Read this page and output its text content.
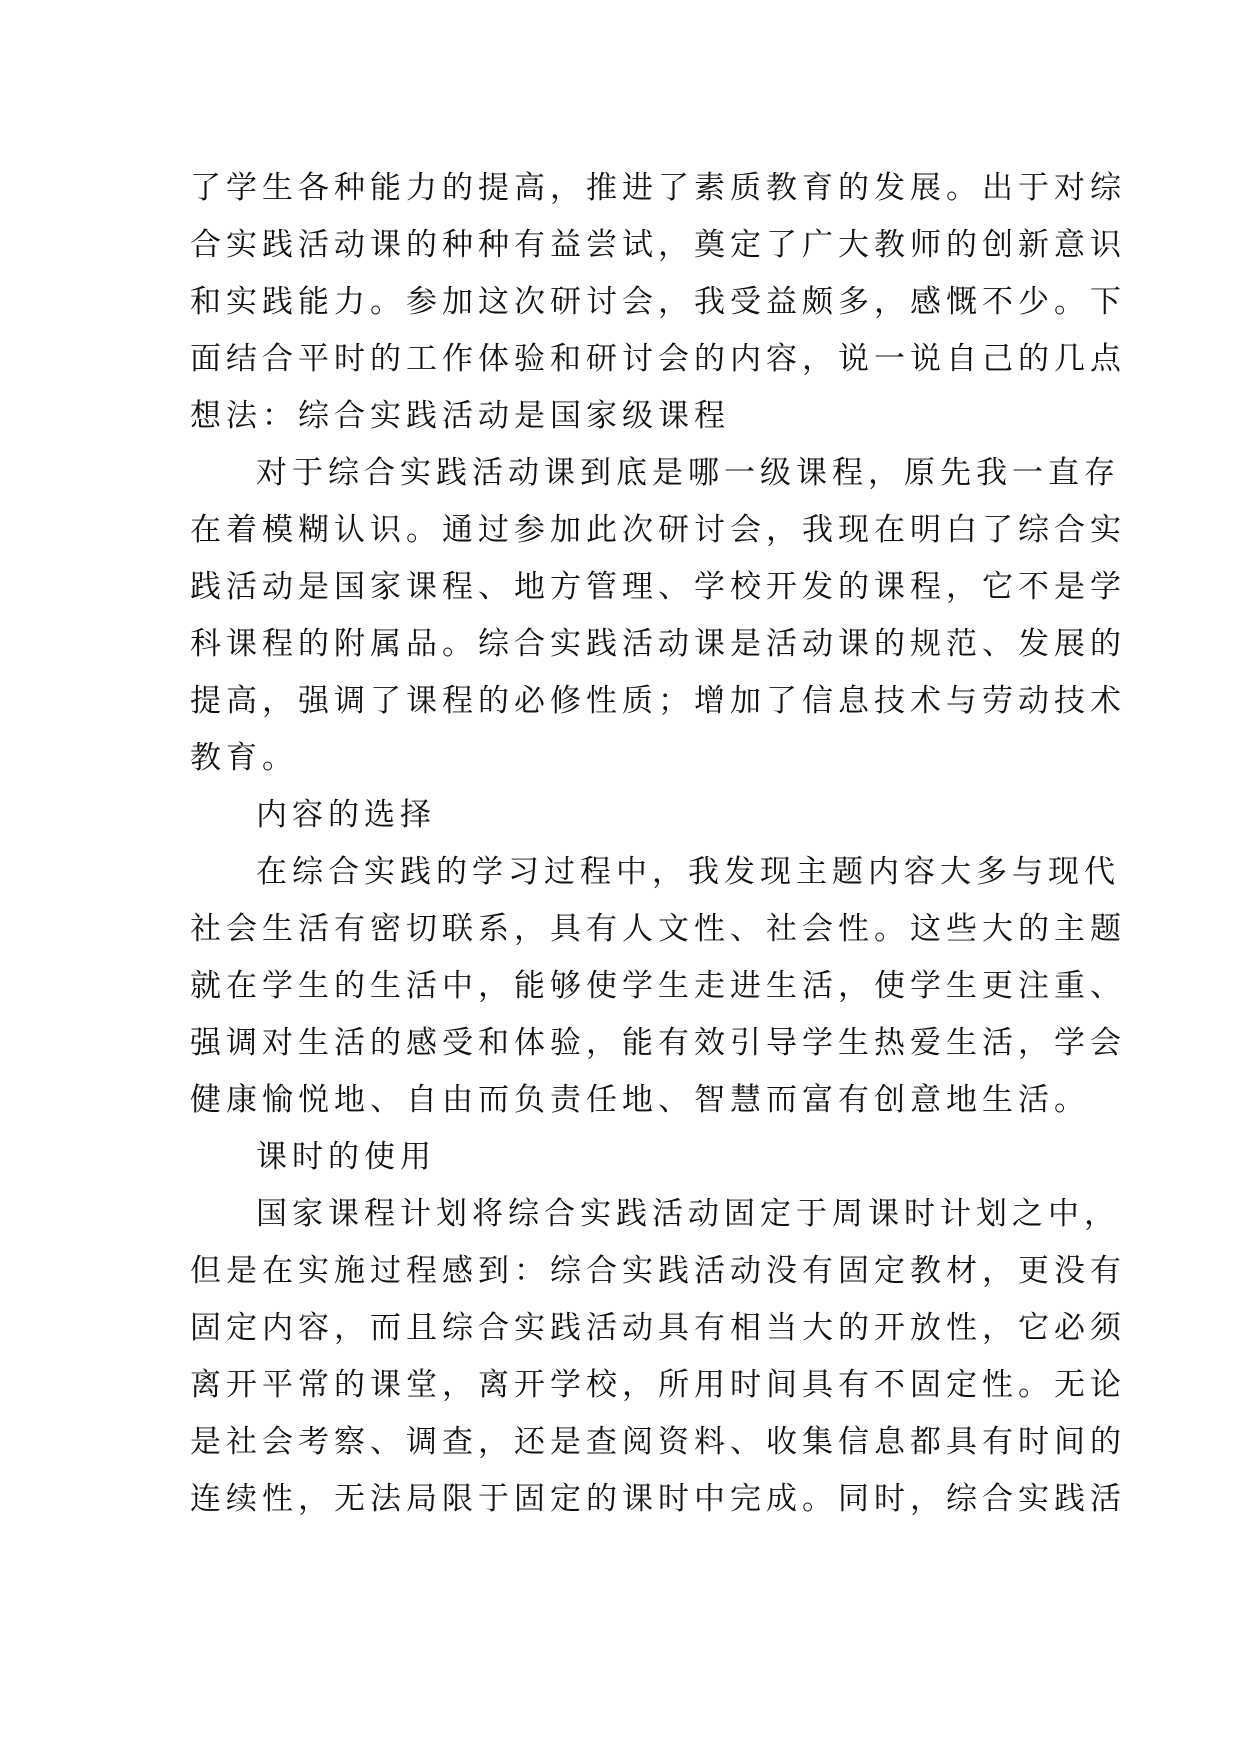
了学生各种能力的提高，推进了素质教育的发展。出于对综
合实践活动课的种种有益尝试，奠定了广大教师的创新意识
和实践能力。参加这次研讨会，我受益颇多，感慨不少。下
面结合平时的工作体验和研讨会的内容，说一说自己的几点
想法：综合实践活动是国家级课程
对于综合实践活动课到底是哪一级课程，原先我一直存
在着模糊认识。通过参加此次研讨会，我现在明白了综合实
践活动是国家课程、地方管理、学校开发的课程，它不是学
科课程的附属品。综合实践活动课是活动课的规范、发展的
提高，强调了课程的必修性质；增加了信息技术与劳动技术
教育。
内容的选择
在综合实践的学习过程中，我发现主题内容大多与现代
社会生活有密切联系，具有人文性、社会性。这些大的主题
就在学生的生活中，能够使学生走进生活，使学生更注重、
强调对生活的感受和体验，能有效引导学生热爱生活，学会
健康愉悦地、自由而负责任地、智慧而富有创意地生活。
课时的使用
国家课程计划将综合实践活动固定于周课时计划之中，
但是在实施过程感到：综合实践活动没有固定教材，更没有
固定内容，而且综合实践活动具有相当大的开放性，它必须
离开平常的课堂，离开学校，所用时间具有不固定性。无论
是社会考察、调查，还是查阅资料、收集信息都具有时间的
连续性，无法局限于固定的课时中完成。同时，综合实践活
